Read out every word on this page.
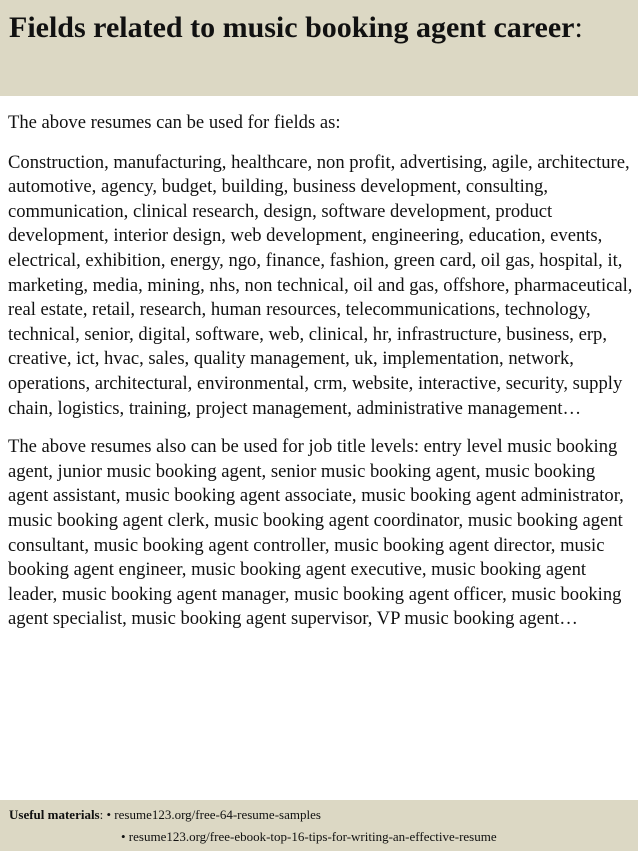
Fields related to music booking agent career:

The above resumes can be used for fields as:

Construction, manufacturing, healthcare, non profit, advertising, agile, architecture, automotive, agency, budget, building, business development, consulting, communication, clinical research, design, software development, product development, interior design, web development, engineering, education, events, electrical, exhibition, energy, ngo, finance, fashion, green card, oil gas, hospital, it, marketing, media, mining, nhs, non technical, oil and gas, offshore, pharmaceutical, real estate, retail, research, human resources, telecommunications, technology, technical, senior, digital, software, web, clinical, hr, infrastructure, business, erp, creative, ict, hvac, sales, quality management, uk, implementation, network, operations, architectural, environmental, crm, website, interactive, security, supply chain, logistics, training, project management, administrative management…

The above resumes also can be used for job title levels: entry level music booking agent, junior music booking agent, senior music booking agent, music booking agent assistant, music booking agent associate, music booking agent administrator, music booking agent clerk, music booking agent coordinator, music booking agent consultant, music booking agent controller, music booking agent director, music booking agent engineer, music booking agent executive, music booking agent leader, music booking agent manager, music booking agent officer, music booking agent specialist, music booking agent supervisor, VP music booking agent…

Useful materials: • resume123.org/free-64-resume-samples
• resume123.org/free-ebook-top-16-tips-for-writing-an-effective-resume
